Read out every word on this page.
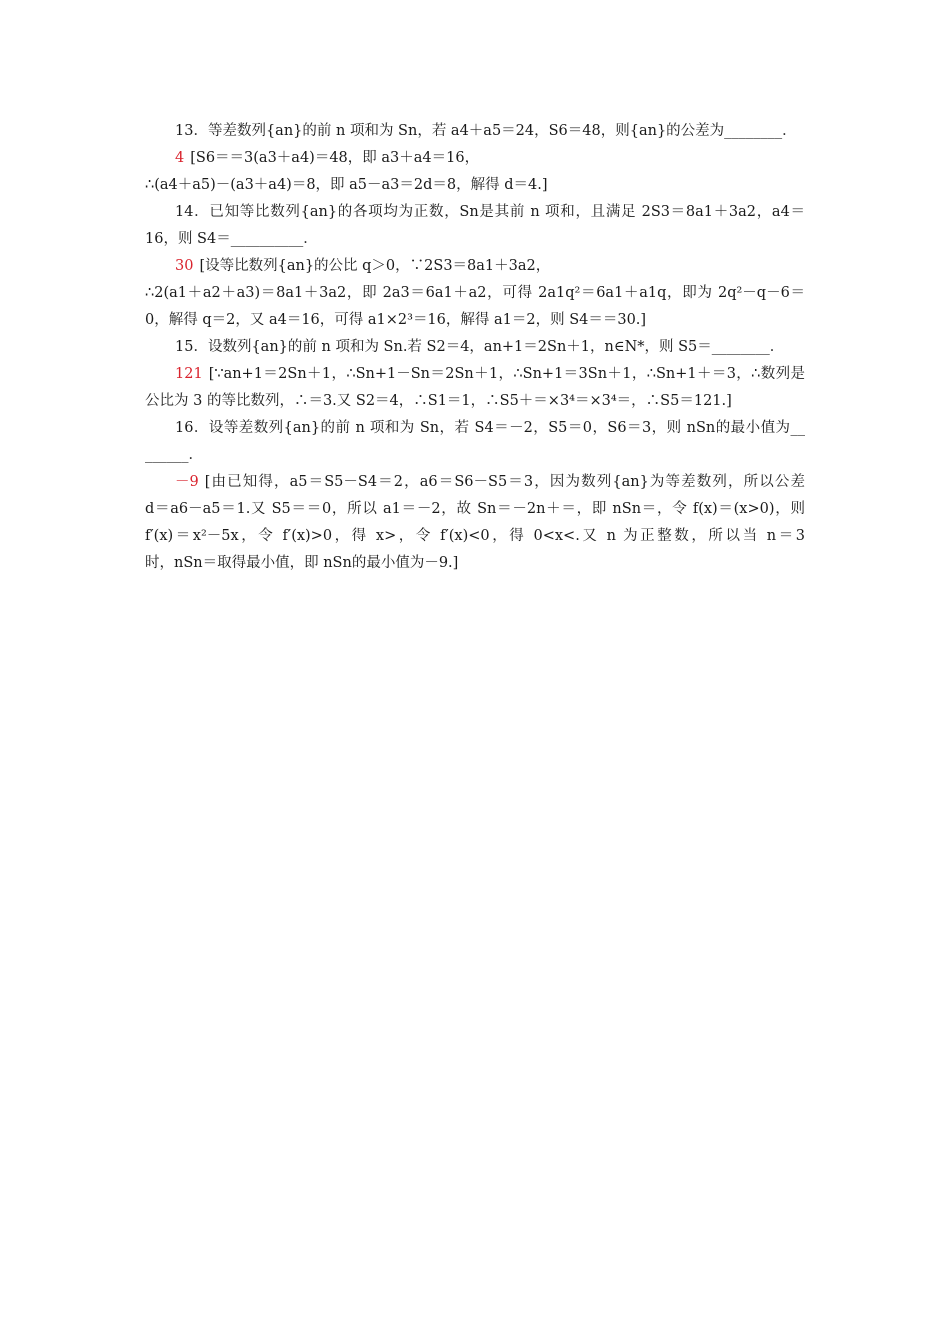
13．等差数列{an}的前 n 项和为 Sn，若 a4＋a5＝24，S6＝48，则{an}的公差为________．
4 [S6＝＝3(a3＋a4)＝48，即 a3＋a4＝16，
∴(a4＋a5)－(a3＋a4)＝8，即 a5－a3＝2d＝8，解得 d＝4.]
14．已知等比数列{an}的各项均为正数，Sn是其前 n 项和，且满足 2S3＝8a1＋3a2，a4＝
16，则 S4＝__________．
30 [设等比数列{an}的公比 q＞0，∵2S3＝8a1＋3a2，
∴2(a1＋a2＋a3)＝8a1＋3a2，即 2a3＝6a1＋a2，可得 2a1q²＝6a1＋a1q，即为 2q²－q－6＝
0，解得 q＝2，又 a4＝16，可得 a1×2³＝16，解得 a1＝2，则 S4＝＝30.]
15．设数列{an}的前 n 项和为 Sn.若 S2＝4，an+1＝2Sn＋1，n∈N*，则 S5＝________．
121 [∵an+1＝2Sn＋1，∴Sn+1－Sn＝2Sn＋1，∴Sn+1＝3Sn＋1，∴Sn+1＋＝3，∴数列是
公比为 3 的等比数列，∴＝3.又 S2＝4，∴S1＝1，∴S5＋＝×3⁴＝×3⁴＝，∴S5＝121.]
16．设等差数列{an}的前 n 项和为 Sn，若 S4＝－2，S5＝0，S6＝3，则 nSn的最小值为__
______．
－9 [由已知得，a5＝S5－S4＝2，a6＝S6－S5＝3，因为数列{an}为等差数列，所以公差
d＝a6－a5＝1.又 S5＝＝0，所以 a1＝－2，故 Sn＝－2n＋＝，即 nSn＝，令 f(x)＝(x>0)，则
f′(x)＝x²－5x，令 f′(x)>0，得 x>，令 f′(x)<0，得 0<x<.又 n 为正整数，所以当 n＝3
时，nSn＝取得最小值，即 nSn的最小值为－9.]
